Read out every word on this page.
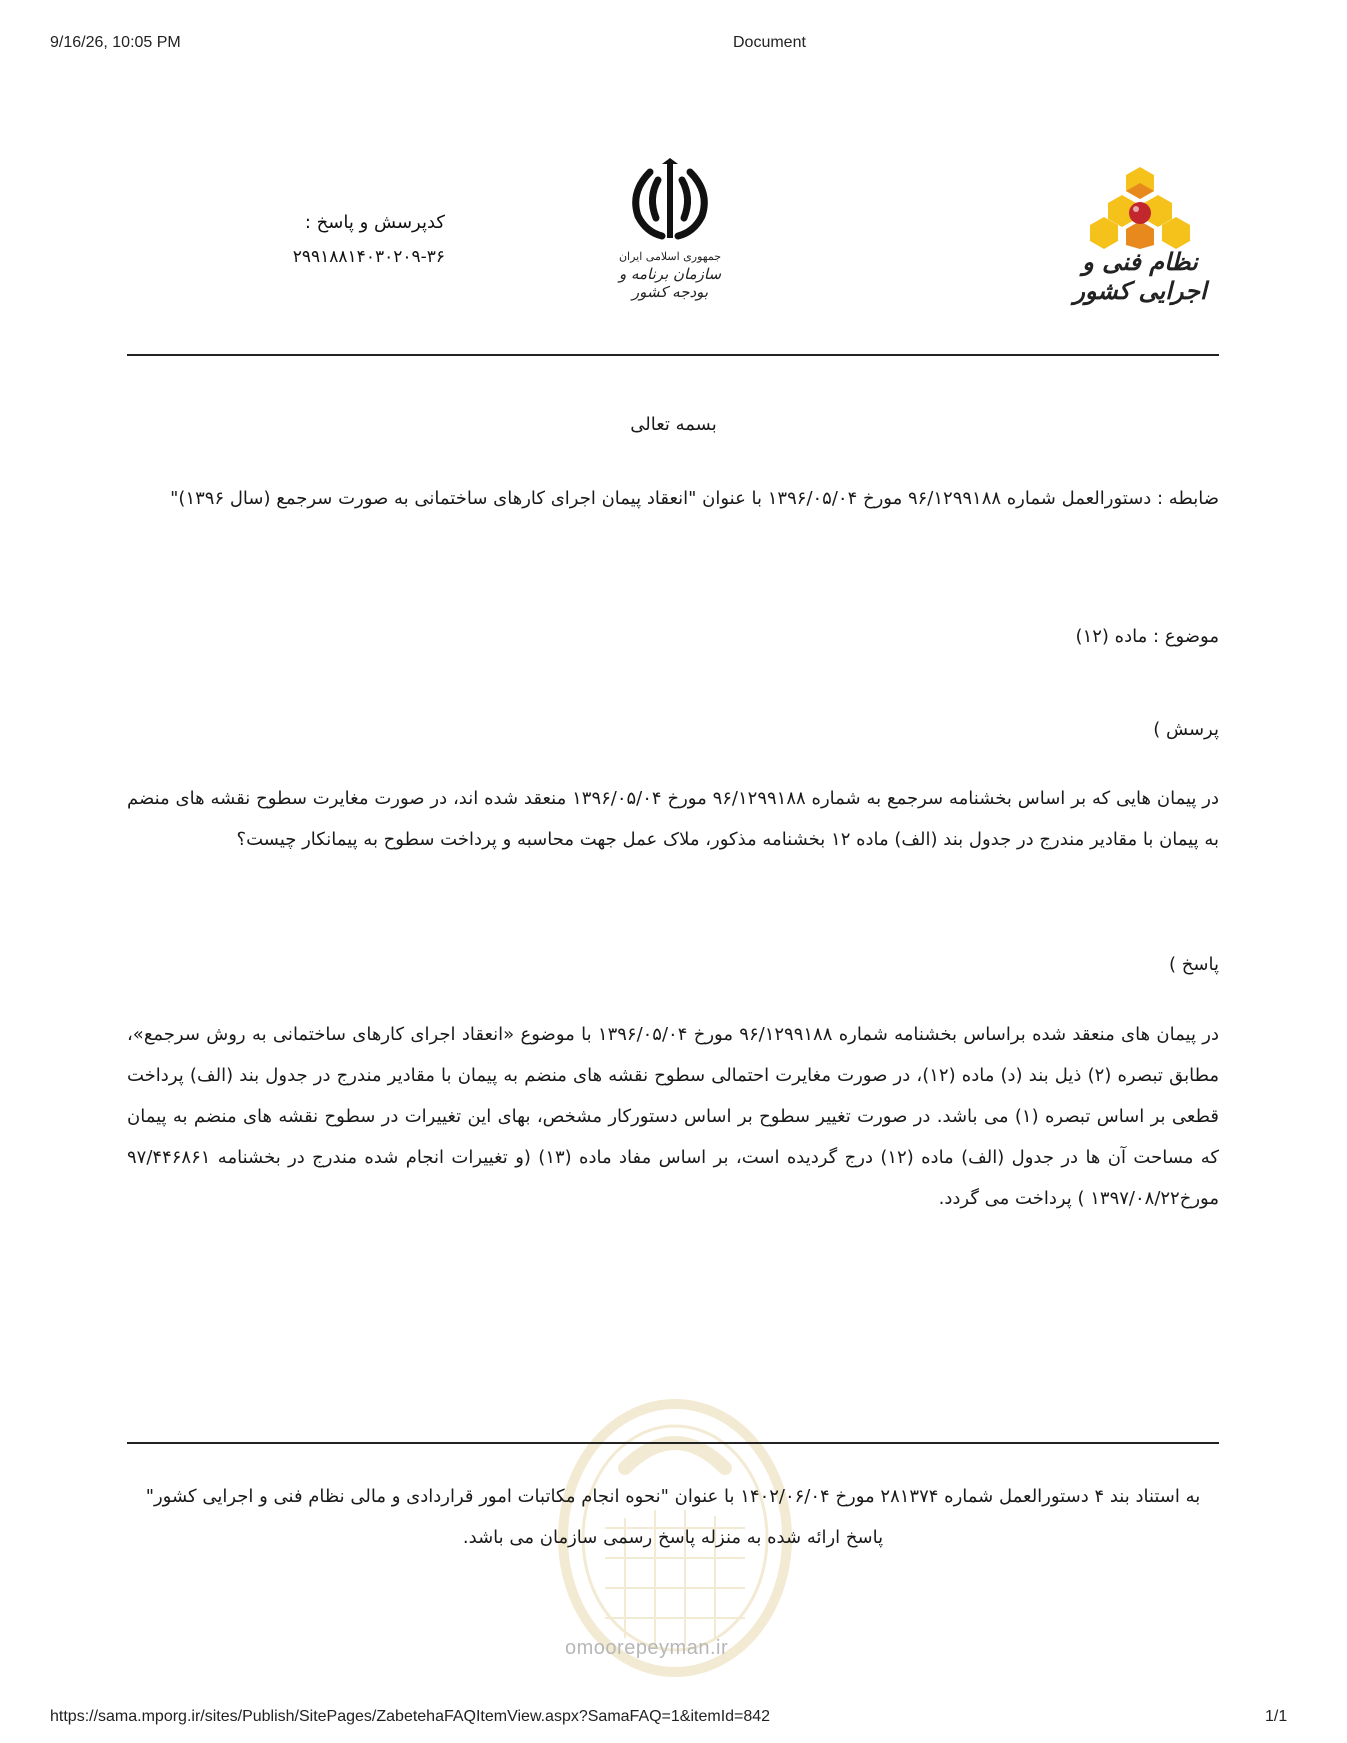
9/16/26, 10:05 PM	Document
کدپرسش و پاسخ :
۲۹۹۱۸۸۱۴۰۳۰۲۰۹-۳۶	جمهوری اسلامی ایران
سازمان برنامه و بودجه کشور
نظام فنی و اجرایی کشور
بسمه تعالی
ضابطه : دستورالعمل شماره ۹۶/۱۲۹۹۱۸۸ مورخ ۱۳۹۶/۰۵/۰۴ با عنوان "انعقاد پیمان اجرای کارهای ساختمانی به صورت سرجمع (سال ۱۳۹۶)"
موضوع : ماده (۱۲)
پرسش )
در پیمان هایی که بر اساس بخشنامه سرجمع به شماره ۹۶/۱۲۹۹۱۸۸ مورخ ۱۳۹۶/۰۵/۰۴ منعقد شده اند، در صورت مغایرت سطوح نقشه های منضم به پیمان با مقادیر مندرج در جدول بند (الف) ماده ۱۲ بخشنامه مذکور، ملاک عمل جهت محاسبه و پرداخت سطوح به پیمانکار چیست؟
پاسخ )
در پیمان های منعقد شده براساس بخشنامه شماره ۹۶/۱۲۹۹۱۸۸ مورخ ۱۳۹۶/۰۵/۰۴ با موضوع «انعقاد اجرای کارهای ساختمانی به روش سرجمع»، مطابق تبصره (۲) ذیل بند (د) ماده (۱۲)، در صورت مغایرت احتمالی سطوح نقشه های منضم به پیمان با مقادیر مندرج در جدول بند (الف) پرداخت قطعی بر اساس تبصره (۱) می باشد. در صورت تغییر سطوح بر اساس دستورکار مشخص، بهای این تغییرات در سطوح نقشه های منضم به پیمان که مساحت آن ها در جدول (الف) ماده (۱۲) درج گردیده است، بر اساس مفاد ماده (۱۳) (و تغییرات انجام شده مندرج در بخشنامه ۹۷/۴۴۶۸۶۱ مورخ۱۳۹۷/۰۸/۲۲ ) پرداخت می گردد.
omoorepeyman.ir
به استناد بند ۴ دستورالعمل شماره ۲۸۱۳۷۴ مورخ ۱۴۰۲/۰۶/۰۴ با عنوان "نحوه انجام مکاتبات امور قراردادی و مالی نظام فنی و اجرایی کشور" پاسخ ارائه شده به منزله پاسخ رسمی سازمان می باشد.
https://sama.mporg.ir/sites/Publish/SitePages/ZabetehaFAQItemView.aspx?SamaFAQ=1&itemId=842	1/1
